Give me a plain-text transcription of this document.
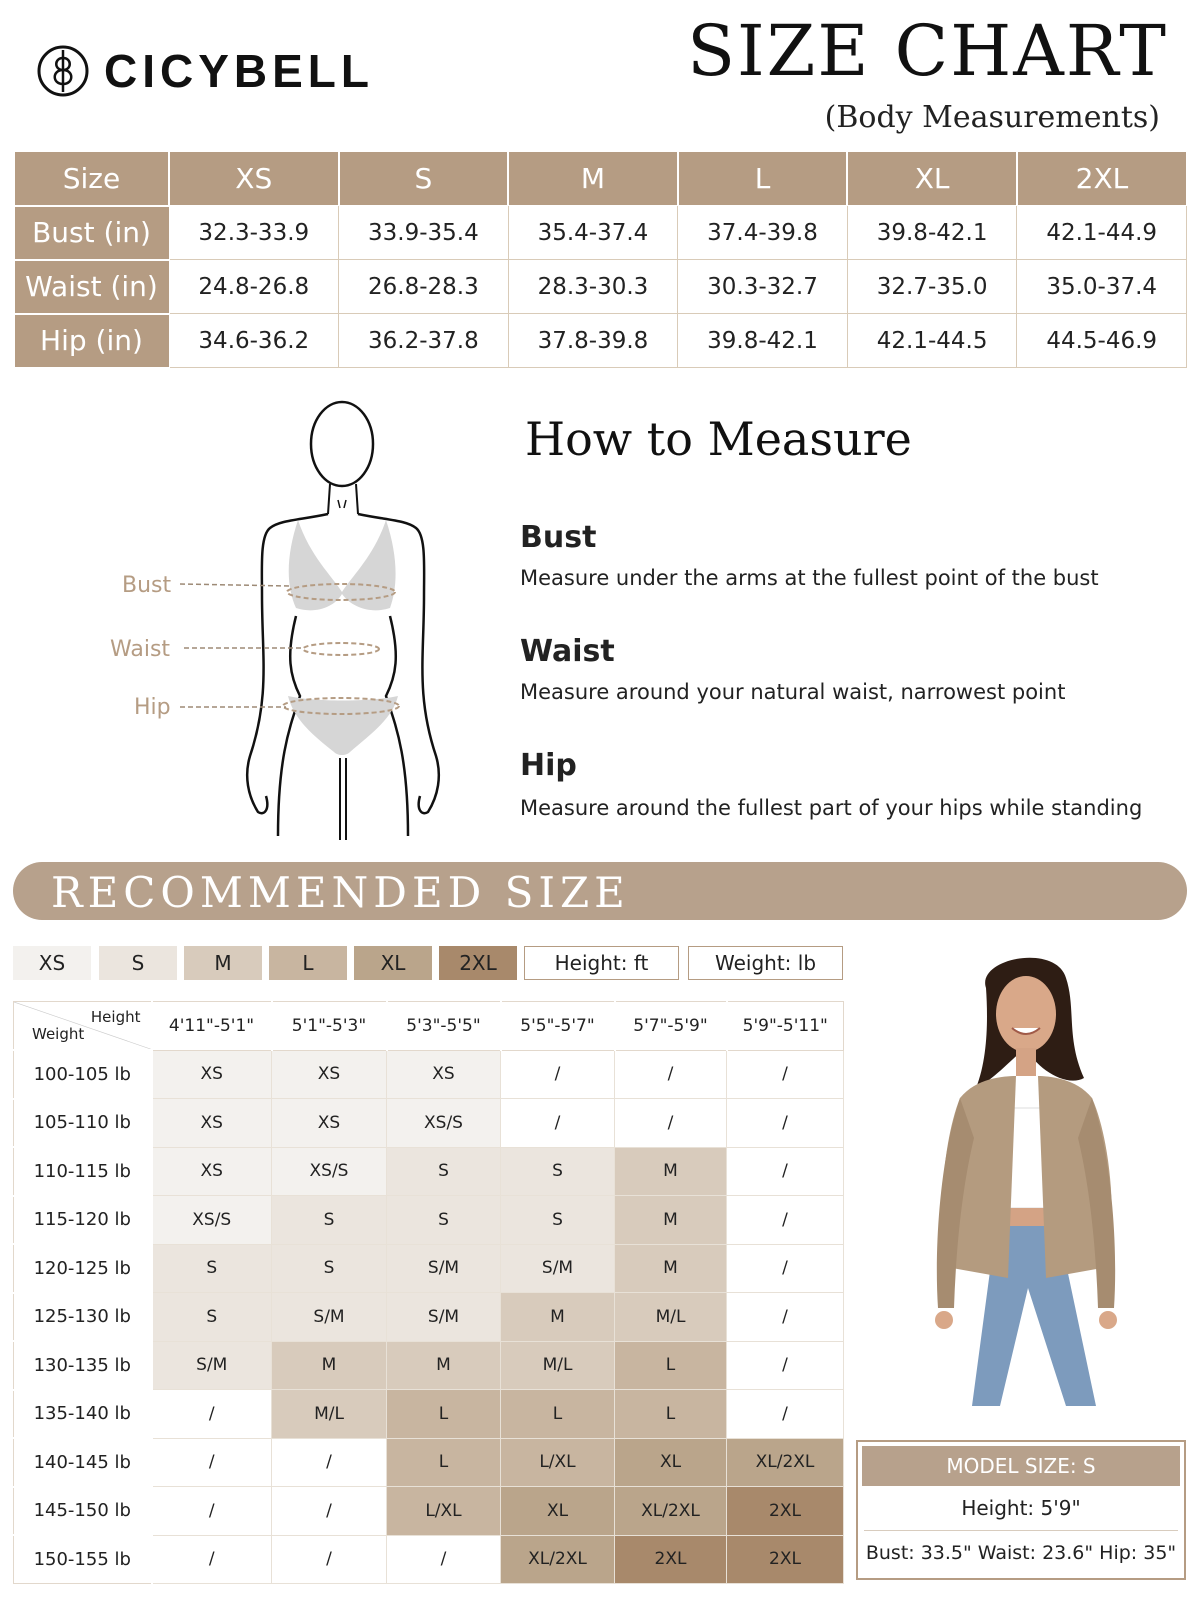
CICYBELL	SIZE CHART
(Body Measurements)
Size	XS	S	M	L	XL	2XL
Bust (in)	32.3-33.9	33.9-35.4	35.4-37.4	37.4-39.8	39.8-42.1	42.1-44.9
Waist (in)	24.8-26.8	26.8-28.3	28.3-30.3	30.3-32.7	32.7-35.0	35.0-37.4
Hip (in)	34.6-36.2	36.2-37.8	37.8-39.8	39.8-42.1	42.1-44.5	44.5-46.9
Bust
Waist
Hip
How to Measure
Bust
Measure under the arms at the fullest point of the bust
Waist
Measure around your natural waist, narrowest point
Hip
Measure around the fullest part of your hips while standing
RECOMMENDED SIZE
XS	S	M	L	XL	2XL	Height: ft	Weight: lb
Height
Weight	4'11"-5'1"	5'1"-5'3"	5'3"-5'5"	5'5"-5'7"	5'7"-5'9"	5'9"-5'11"
100-105 lb	XS	XS	XS	/	/	/
105-110 lb	XS	XS	XS/S	/	/	/
110-115 lb	XS	XS/S	S	S	M	/
115-120 lb	XS/S	S	S	S	M	/
120-125 lb	S	S	S/M	S/M	M	/
125-130 lb	S	S/M	S/M	M	M/L	/
130-135 lb	S/M	M	M	M/L	L	/
135-140 lb	/	M/L	L	L	L	/
140-145 lb	/	/	L	L/XL	XL	XL/2XL
145-150 lb	/	/	L/XL	XL	XL/2XL	2XL
150-155 lb	/	/	/	XL/2XL	2XL	2XL
MODEL SIZE: S
Height: 5'9"
Bust: 33.5" Waist: 23.6" Hip: 35"
